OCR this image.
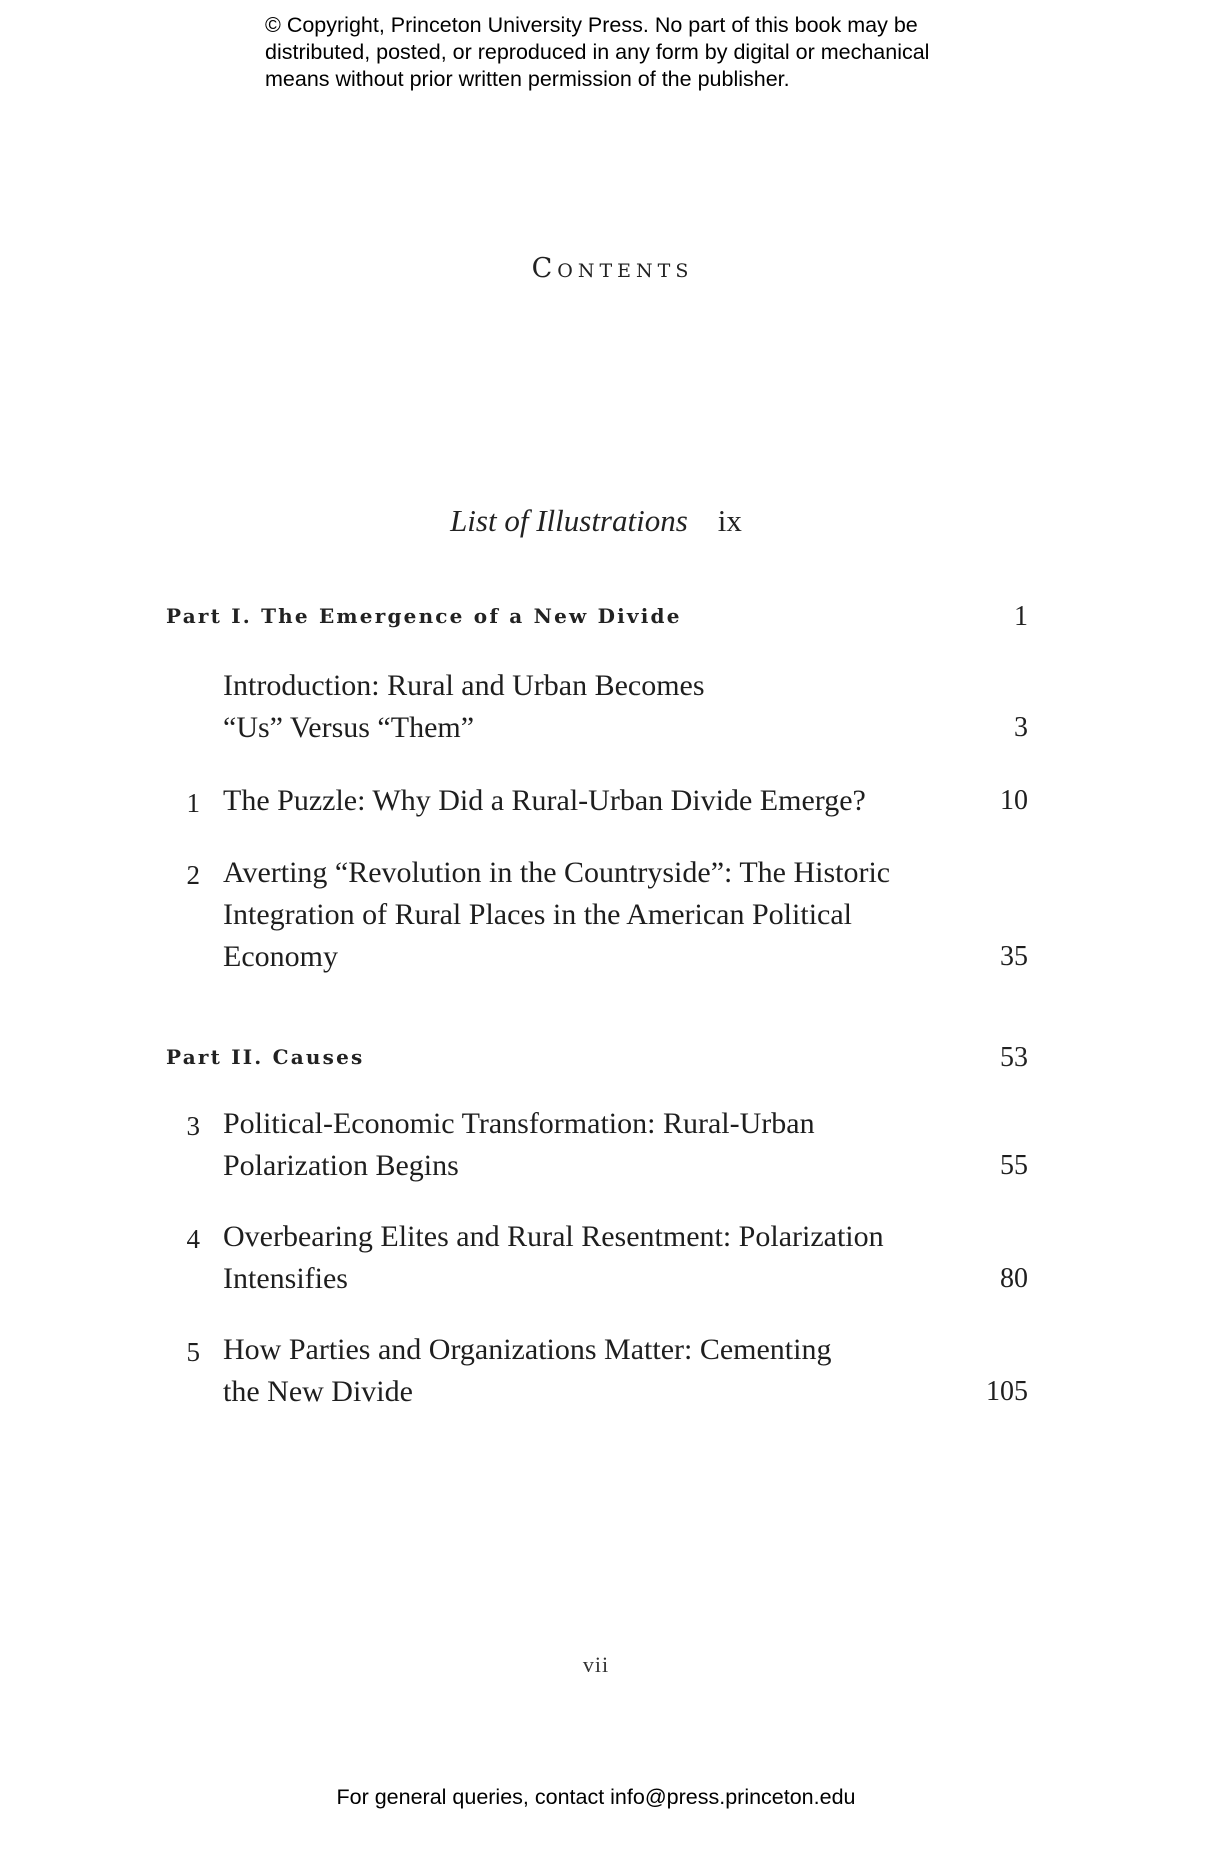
© Copyright, Princeton University Press. No part of this book may be
distributed, posted, or reproduced in any form by digital or mechanical
means without prior written permission of the publisher.
Contents
List of Illustrations ix
Part I. The Emergence of a New Divide	1
Introduction: Rural and Urban Becomes
“Us” Versus “Them”	3
1 The Puzzle: Why Did a Rural-Urban Divide Emerge?	10
2 Averting “Revolution in the Countryside”: The Historic
Integration of Rural Places in the American Political
Economy	35
Part II. Causes	53
3 Political-Economic Transformation: Rural-Urban
Polarization Begins	55
4 Overbearing Elites and Rural Resentment: Polarization
Intensifies	80
5 How Parties and Organizations Matter: Cementing
the New Divide	105
vii
For general queries, contact info@press.princeton.edu
